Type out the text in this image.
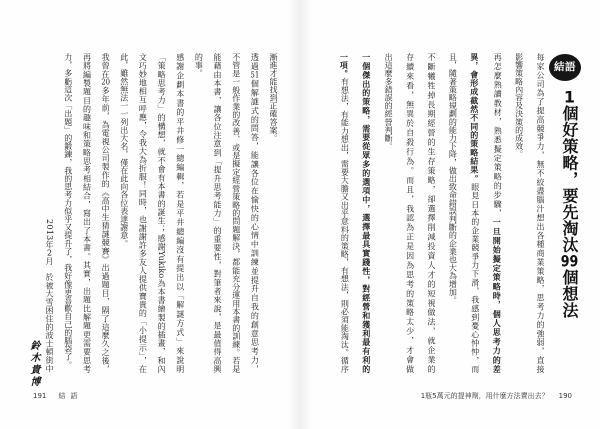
結語
1個好策略，要先淘汰99個想法
每家公司為了提高競爭力，無不絞盡腦汁想出各種商業策略，思考力的強弱，直接
影響策略內容及決策的成效。
再怎麼熟讀教材，熟悉擬定策略的步驟，一旦開始擬定策略時，個人思考力的差
異，會形成截然不同的策略結果。眼見日本的企業競爭力下滑，我感到憂心忡忡，而
且，隨著策略規劃的能力下降，做出致命錯誤判斷的企業也大為增加。
不斷犧牲掉長期經營的生存策略，卻選擇削減投資人才的短視做法，就企業的
存續來看，無異於自殺行為。而且，我認為正是因為思考的策略太少，才會做
出這麼多錯誤的經營判斷。
一個傑出的策略，需要從眾多的選項中，選擇最具實踐性，對經營和獲利最有利的
一項。有想法，有能力想出，需要大膽又出乎意料的策略，有想法，則必須能淘汰。循序
1瓶5萬元的提神劑，用什麼方法賣出去？ 190
漸進才能找到正確答案。
透過51個解謎式的問答，能讓各位在愉快的心情中訓練並提升自我的創意思考力，
不管是一般作業的改善、或是擬定經營策略的問題解決，都能充分運用本書的訓練。若是
能藉由本書，讓各位注意到「提升思考能力」的重要性，對筆者來說，是最值得高興
的事。
感謝企劃本書的平井修一總編輯，若是平井總編沒有提出以「解謎方式」來說明
「策略思考力」的構想，就不會有本書的誕生；感謝Yukiko為本書繪製的插畫，和內
文巧妙地相互呼應，令我大為折服！同時，也謝謝許多友人提供寶貴的「小提示」，在
此，雖然無法一一列出大名，僅在此向各位表達謝意。
我曾在20多年前，為電視公司製作的《高中生猜謎競賽》出過題目，隔了這麼久之後，
再將編製題目的趣味和策略思考相結合，寫出了本書。其實，出題比解題更需要思考
力，多虧這次「出題」的鍛鍊，我的思考力似乎又提升了，我好像更喜歡自己的腦袋了。
2013年2月於被大雪困住的波士頓街中
鈴木貴博
191 結語
